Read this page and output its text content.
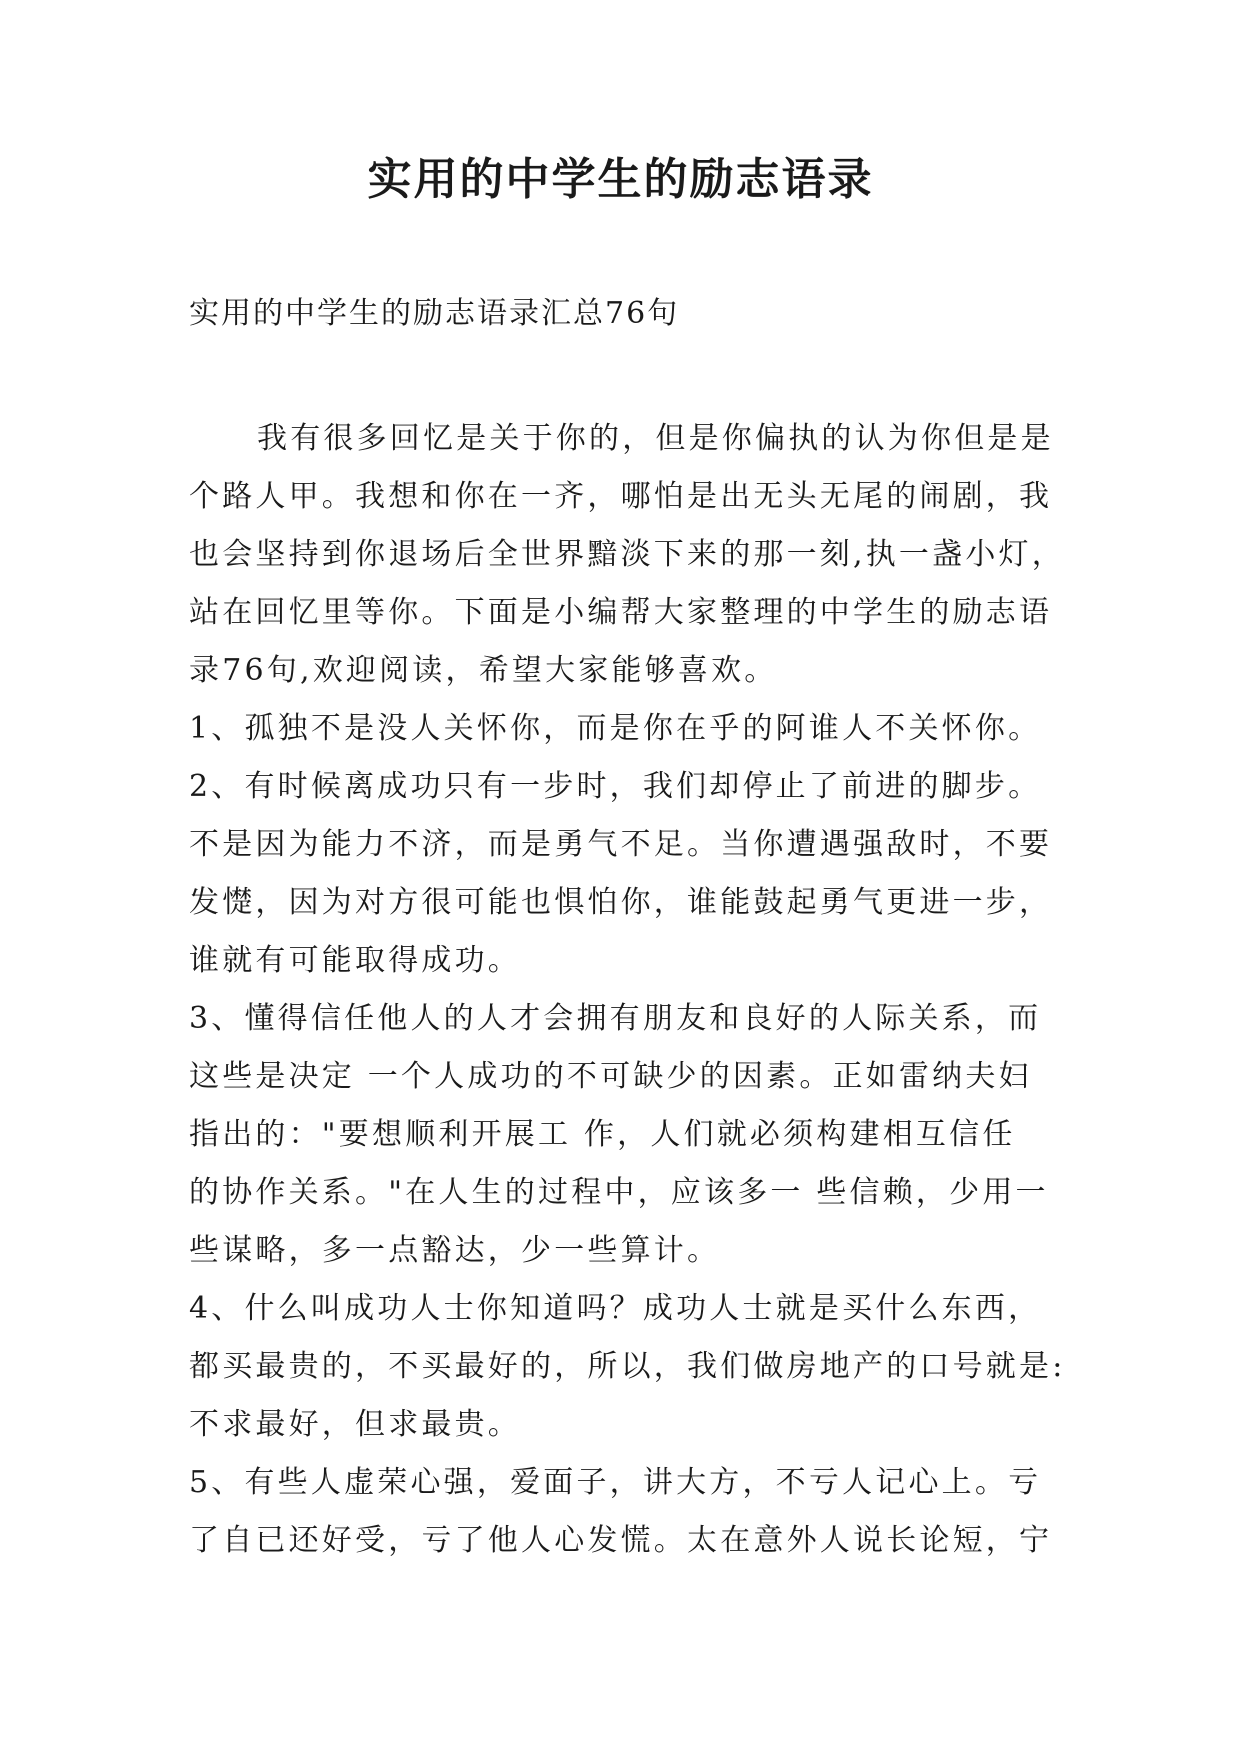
实用的中学生的励志语录

实用的中学生的励志语录汇总76句

我有很多回忆是关于你的，但是你偏执的认为你但是是

个路人甲。我想和你在一齐，哪怕是出无头无尾的闹剧，我

也会坚持到你退场后全世界黯淡下来的那一刻,执一盏小灯，

站在回忆里等你。下面是小编帮大家整理的中学生的励志语

录76句,欢迎阅读，希望大家能够喜欢。

1、孤独不是没人关怀你，而是你在乎的阿谁人不关怀你。

2、有时候离成功只有一步时，我们却停止了前进的脚步。

不是因为能力不济，而是勇气不足。当你遭遇强敌时，不要

发憷，因为对方很可能也惧怕你，谁能鼓起勇气更进一步，

谁就有可能取得成功。

3、懂得信任他人的人才会拥有朋友和良好的人际关系，而

这些是决定 一个人成功的不可缺少的因素。正如雷纳夫妇

指出的："要想顺利开展工 作，人们就必须构建相互信任

的协作关系。"在人生的过程中，应该多一 些信赖，少用一

些谋略，多一点豁达，少一些算计。

4、什么叫成功人士你知道吗？成功人士就是买什么东西，

都买最贵的，不买最好的，所以，我们做房地产的口号就是:

不求最好，但求最贵。

5、有些人虚荣心强，爱面子，讲大方，不亏人记心上。亏

了自已还好受，亏了他人心发慌。太在意外人说长论短，宁
